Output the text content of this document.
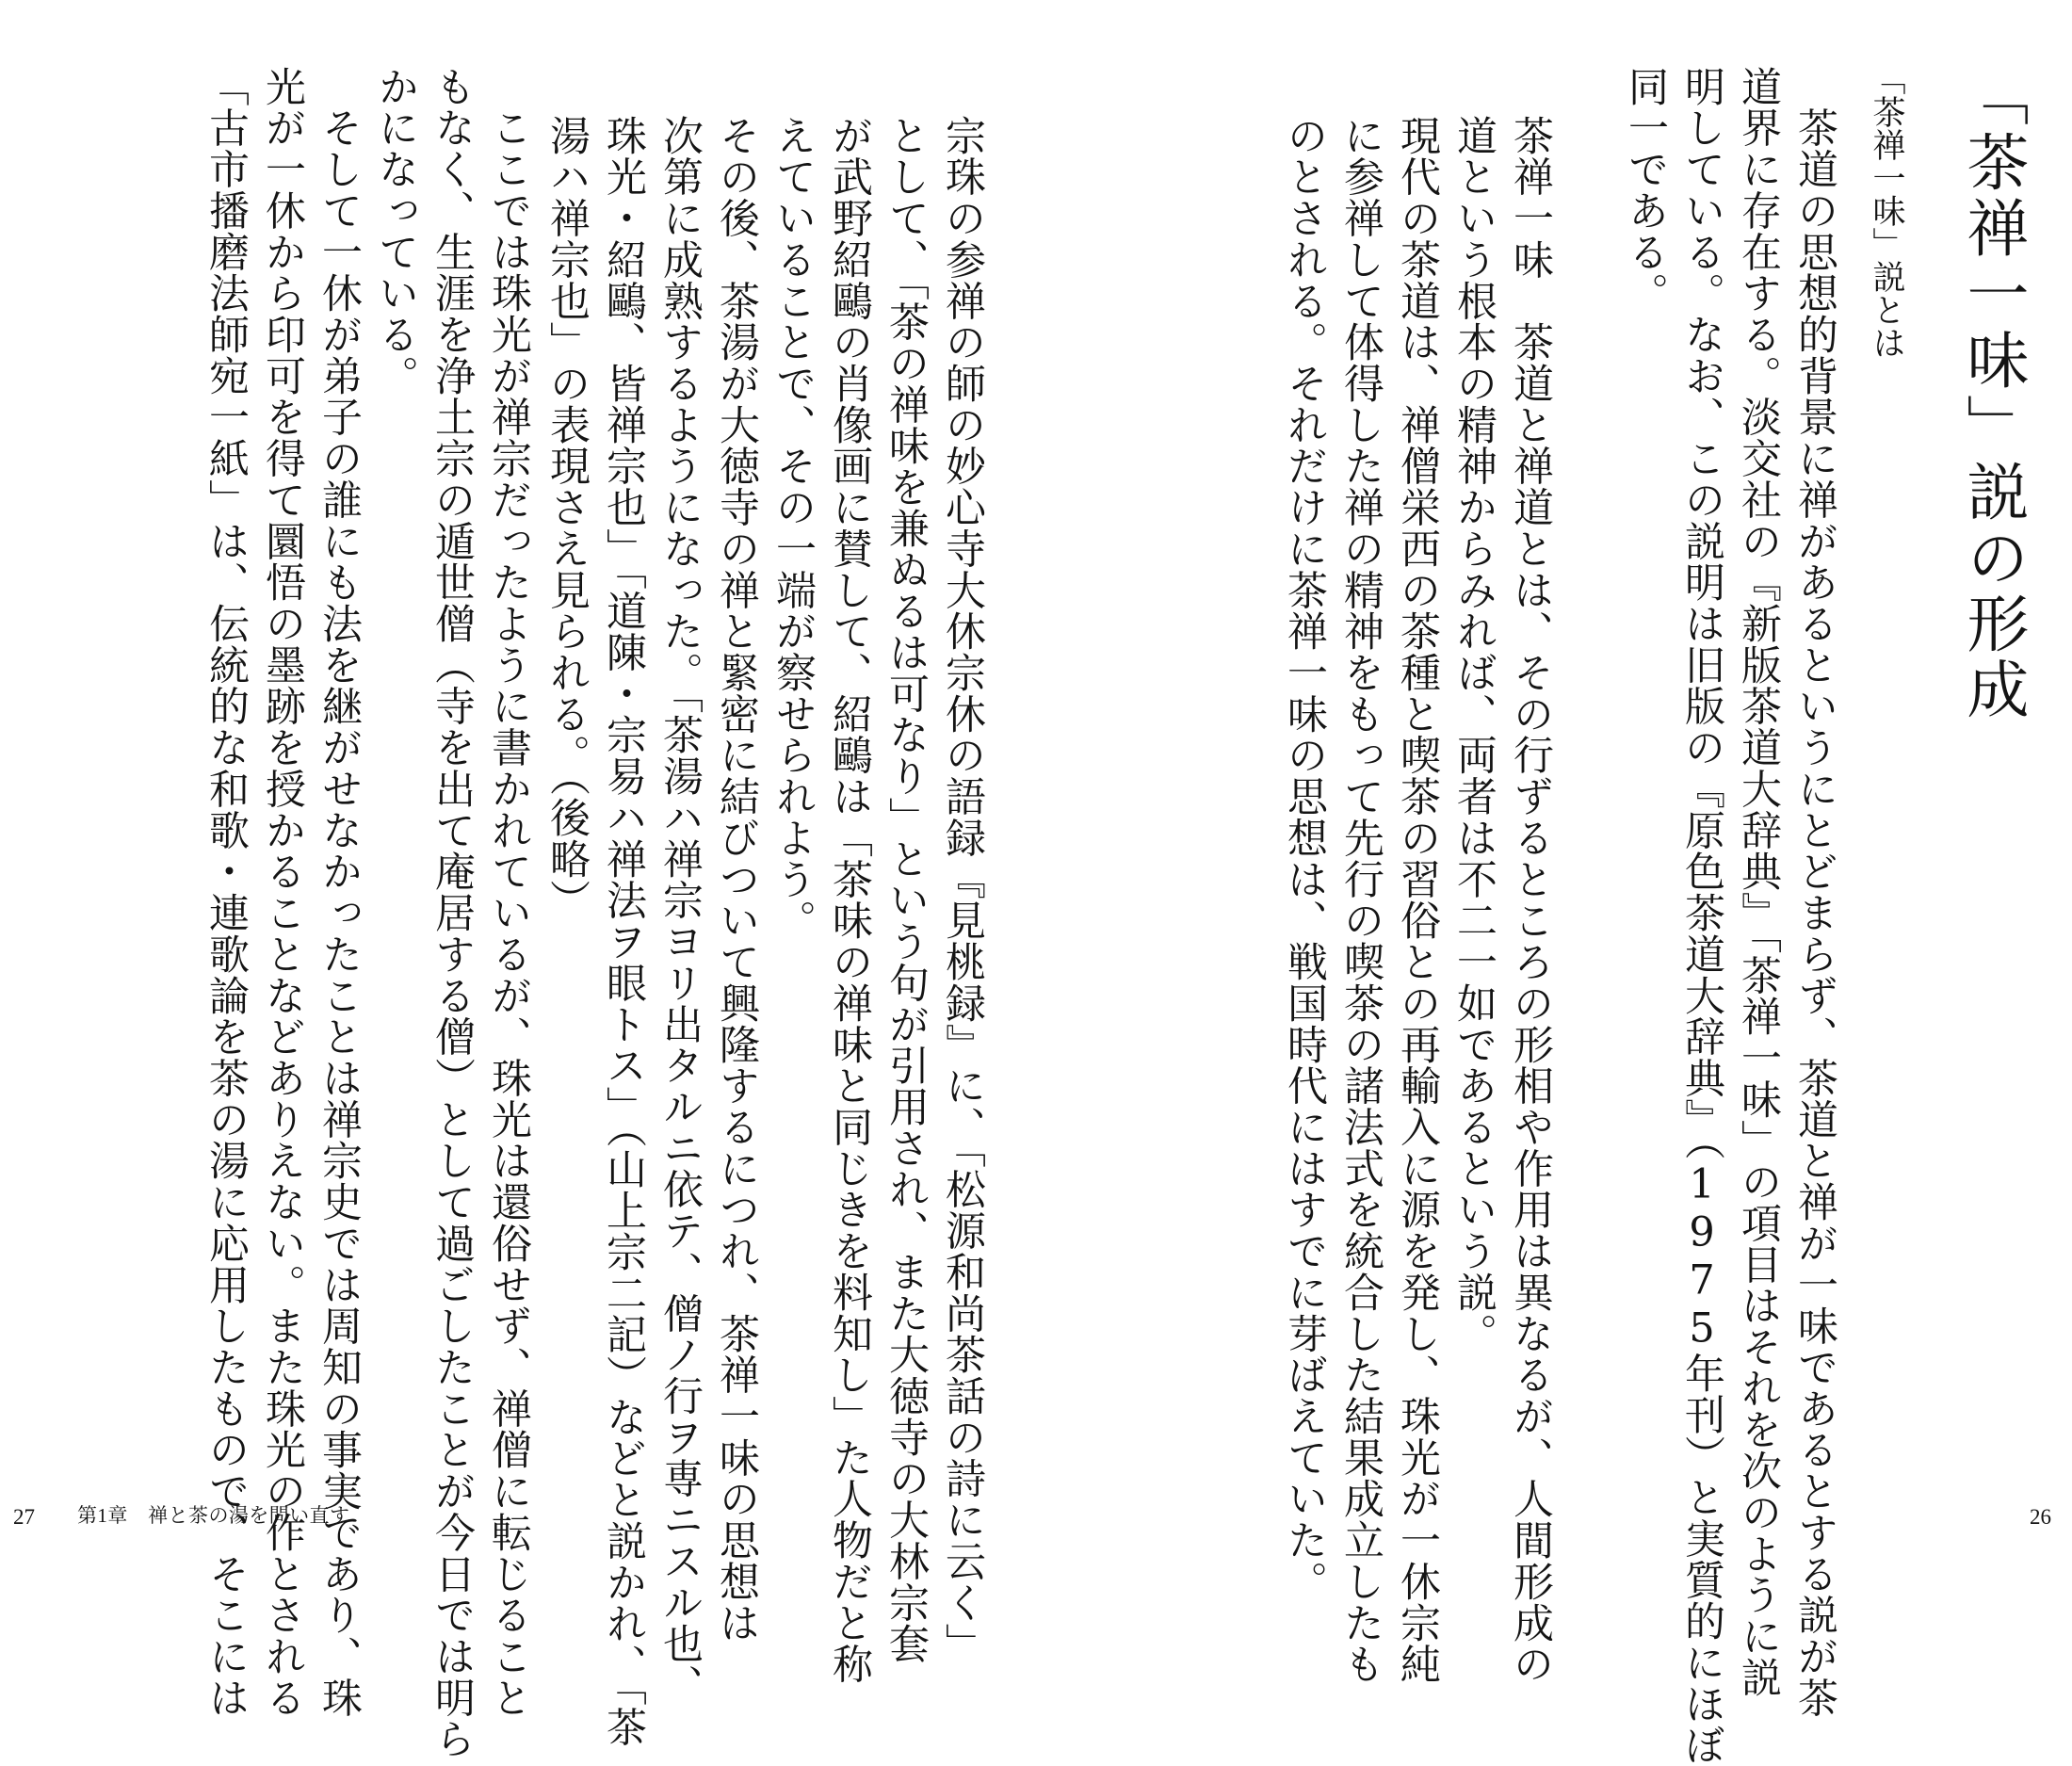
「茶禅一味」説の形成
「茶禅一味」説とは
　茶道の思想的背景に禅があるというにとどまらず、茶道と禅が一味であるとする説が茶
道界に存在する。淡交社の『新版茶道大辞典』「茶禅一味」の項目はそれを次のように説
明している。なお、この説明は旧版の『原色茶道大辞典』（1975年刊）と実質的にほぼ
同一である。
茶禅一味　茶道と禅道とは、その行ずるところの形相や作用は異なるが、人間形成の
道という根本の精神からみれば、両者は不二一如であるという説。
現代の茶道は、禅僧栄西の茶種と喫茶の習俗との再輸入に源を発し、珠光が一休宗純
に参禅して体得した禅の精神をもって先行の喫茶の諸法式を統合した結果成立したも
のとされる。それだけに茶禅一味の思想は、戦国時代にはすでに芽ばえていた。	26
宗珠の参禅の師の妙心寺大休宗休の語録『見桃録』に、「松源和尚茶話の詩に云く」
として、「茶の禅味を兼ぬるは可なり」という句が引用され、また大徳寺の大林宗套
が武野紹鷗の肖像画に賛して、紹鷗は「茶味の禅味と同じきを料知し」た人物だと称
えていることで、その一端が察せられよう。
その後、茶湯が大徳寺の禅と緊密に結びついて興隆するにつれ、茶禅一味の思想は
次第に成熟するようになった。「茶湯ハ禅宗ヨリ出タルニ依テ、僧ノ行ヲ専ニスル也、
珠光・紹鷗、皆禅宗也」「道陳・宗易ハ禅法ヲ眼トス」（山上宗二記）などと説かれ、「茶
湯ハ禅宗也」の表現さえ見られる。（後略）
　ここでは珠光が禅宗だったように書かれているが、珠光は還俗せず、禅僧に転じること
もなく、生涯を浄土宗の遁世僧（寺を出て庵居する僧）として過ごしたことが今日では明ら
かになっている。
　そして一休が弟子の誰にも法を継がせなかったことは禅宗史では周知の事実であり、珠
光が一休から印可を得て圜悟の墨跡を授かることなどありえない。また珠光の作とされる
「古市播磨法師宛一紙」は、伝統的な和歌・連歌論を茶の湯に応用したもので、そこには
27 第1章　禅と茶の湯を問い直す
